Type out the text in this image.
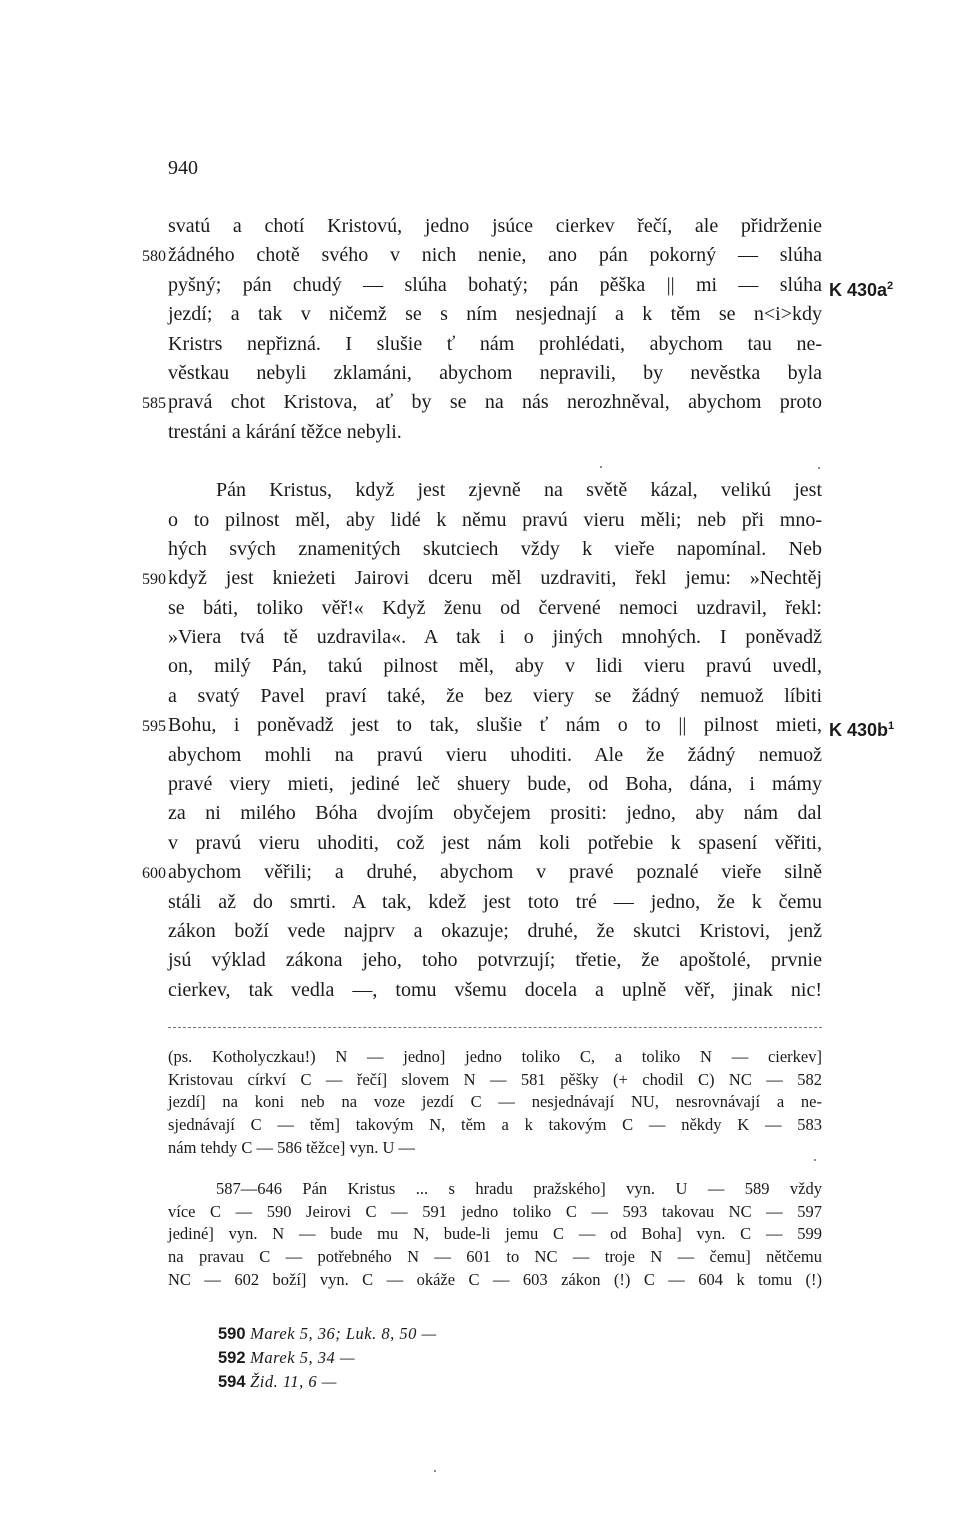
940
svatú a chotí Kristovú, jedno jsúce cierkev řečí, ale přidrženie
580 žádného chotě svého v nich nenie, ano pán pokorný — slúha
pyšný; pán chudý — slúha bohatý; pán pěška || mi — slúha K $430a^2$
jezdí; a tak v ničemž se s ním nesjednají a k těm se n<i>kdy
Kristrs nepřizná. I slušie ť nám prohlédati, abychom tau ne-
věstkau nebyli zklamáni, abychom nepravili, by nevěstka byla
585 pravá chot Kristova, ať by se na nás nerozhněval, abychom proto
trestáni a kárání těžce nebyli.
Pán Kristus, když jest zjevně na světě kázal, velikú jest
o to pilnost měl, aby lidé k němu pravú vieru měli; neb při mno-
hých svých znamenitých skutciech vždy k vieře napomínal. Neb
590 když jest knieżeti Jairovi dceru měl uzdraviti, řekl jemu: »Nechtěj
se báti, toliko věř!« Když ženu od červené nemoci uzdravil, řekl:
»Viera tvá tě uzdravila«. A tak i o jiných mnohých. I poněvadž
on, milý Pán, takú pilnost měl, aby v lidi vieru pravú uvedl,
a svatý Pavel praví také, že bez viery se žádný nemuož líbiti
595 Bohu, i poněvadž jest to tak, slušie ť nám o to || pilnost mieti, K $430b^1$
abychom mohli na pravú vieru uhoditi. Ale že žádný nemuož
pravé viery mieti, jediné leč shuery bude, od Boha, dána, i mámy
za ni milého Bóha dvojím obyčejem prositi: jedno, aby nám dal
v pravú vieru uhoditi, což jest nám koli potřebie k spasení věřiti,
600 abychom věřili; a druhé, abychom v pravé poznalé vieře silně
stáli až do smrti. A tak, kdež jest toto tré — jedno, že k čemu
zákon boží vede najprv a okazuje; druhé, že skutci Kristovi, jenž
jsú výklad zákona jeho, toho potvrzují; třetie, že apoštolé, prvnie
cierkev, tak vedla —, tomu všemu docela a uplně věř, jinak nic!
(ps. Kotholyczkau!) N — jedno] jedno toliko C, a toliko N — cierkev]
Kristovau církví C — řečí] slovem N — 581 pěšky (+ chodil C) NC — 582
jezdí] na koni neb na voze jezdí C — nesjednávají NU, nesrovnávají a ne-
sjednávají C — těm] takovým N, těm a k takovým C — někdy K — 583
nám tehdy C — 586 těžce] vyn. U —
587—646 Pán Kristus ... s hradu pražského] vyn. U — 589 vždy
více C — 590 Jeirovi C — 591 jedno toliko C — 593 takovau NC — 597
jediné] vyn. N — bude mu N, bude-li jemu C — od Boha] vyn. C — 599
na pravau C — potřebného N — 601 to NC — troje N — čemu] nětčemu
NC — 602 boží] vyn. C — okáže C — 603 zákon (!) C — 604 k tomu (!)
590 Marek 5, 36; Luk. 8, 50 —
592 Marek 5, 34 —
594 Žid. 11, 6 —
